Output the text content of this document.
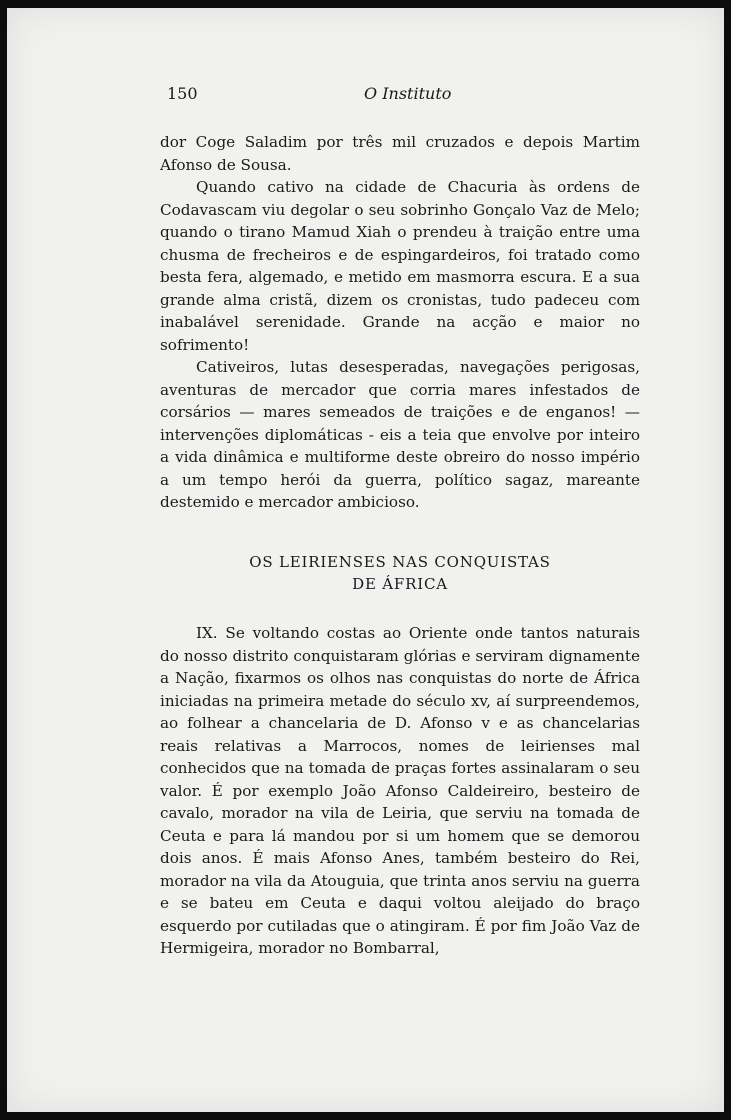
150	O Instituto

dor Coge Saladim por três mil cruzados e depois Martim Afonso de Sousa.

Quando cativo na cidade de Chacuria às ordens de Codavascam viu degolar o seu sobrinho Gonçalo Vaz de Melo; quando o tirano Mamud Xiah o prendeu à traição entre uma chusma de frecheiros e de espingardeiros, foi tratado como besta fera, algemado, e metido em masmorra escura. E a sua grande alma cristã, dizem os cronistas, tudo padeceu com inabalável serenidade. Grande na acção e maior no sofrimento!

Cativeiros, lutas desesperadas, navegações perigosas, aventuras de mercador que corria mares infestados de corsários — mares semeados de traições e de enganos! — intervenções diplomáticas - eis a teia que envolve por inteiro a vida dinâmica e multiforme deste obreiro do nosso império a um tempo herói da guerra, político sagaz, mareante destemido e mercador ambicioso.

OS LEIRIENSES NAS CONQUISTAS
DE ÁFRICA

IX. Se voltando costas ao Oriente onde tantos naturais do nosso distrito conquistaram glórias e serviram dignamente a Nação, fixarmos os olhos nas conquistas do norte de África iniciadas na primeira metade do século xv, aí surpreendemos, ao folhear a chancelaria de D. Afonso v e as chancelarias reais relativas a Marrocos, nomes de leirienses mal conhecidos que na tomada de praças fortes assinalaram o seu valor. É por exemplo João Afonso Caldeireiro, besteiro de cavalo, morador na vila de Leiria, que serviu na tomada de Ceuta e para lá mandou por si um homem que se demorou dois anos. É mais Afonso Anes, também besteiro do Rei, morador na vila da Atouguia, que trinta anos serviu na guerra e se bateu em Ceuta e daqui voltou aleijado do braço esquerdo por cutiladas que o atingiram. É por fim João Vaz de Hermigeira, morador no Bombarral,
